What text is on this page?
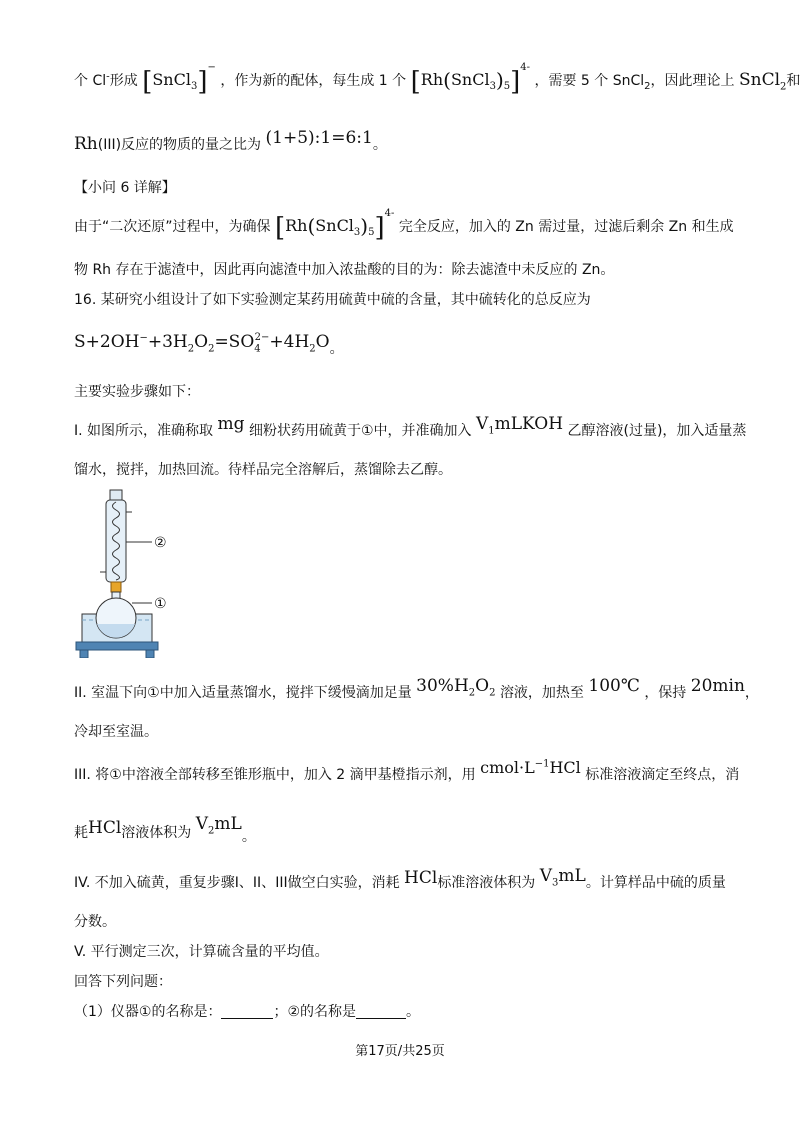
个 Cl-形成 [SnCl$_3$]− ，作为新的配体，每生成 1 个 $[Rh(SnCl_3)_5]^{4-}$ ，需要 5 个 SnCl$_2$，因此理论上 SnCl$_2$和
Rh(III)反应的物质的量之比为 (1+5):1=6:1。
【小问 6 详解】
由于“二次还原”过程中，为确保 $[Rh(SnCl_3)_5]^{4-}$ 完全反应，加入的 Zn 需过量，过滤后剩余 Zn 和生成
物 Rh 存在于滤渣中，因此再向滤渣中加入浓盐酸的目的为：除去滤渣中未反应的 Zn。
16. 某研究小组设计了如下实验测定某药用硫黄中硫的含量，其中硫转化的总反应为
$S+2OH^-+3H_2O_2=SO_4^{2-}+4H_2O$。
主要实验步骤如下：
I. 如图所示，准确称取 mg 细粉状药用硫黄于①中，并准确加入 $V_1mLKOH$ 乙醇溶液(过量)，加入适量蒸
馏水，搅拌，加热回流。待样品完全溶解后，蒸馏除去乙醇。
②
①
II. 室温下向①中加入适量蒸馏水，搅拌下缓慢滴加足量 $30\%H_2O_2$ 溶液，加热至 100℃ ，保持 20min，
冷却至室温。
III. 将①中溶液全部转移至锥形瓶中，加入 2 滴甲基橙指示剂，用 $cmol\cdot L^{-1}HCl$ 标准溶液滴定至终点，消
耗HCl溶液体积为 $V_2mL$。
IV. 不加入硫黄，重复步骤I、II、III做空白实验，消耗 HCl标准溶液体积为 $V_3mL$。计算样品中硫的质量
分数。
V. 平行测定三次，计算硫含量的平均值。
回答下列问题：
（1）仪器①的名称是：	；②的名称是	。
第17页/共25页
